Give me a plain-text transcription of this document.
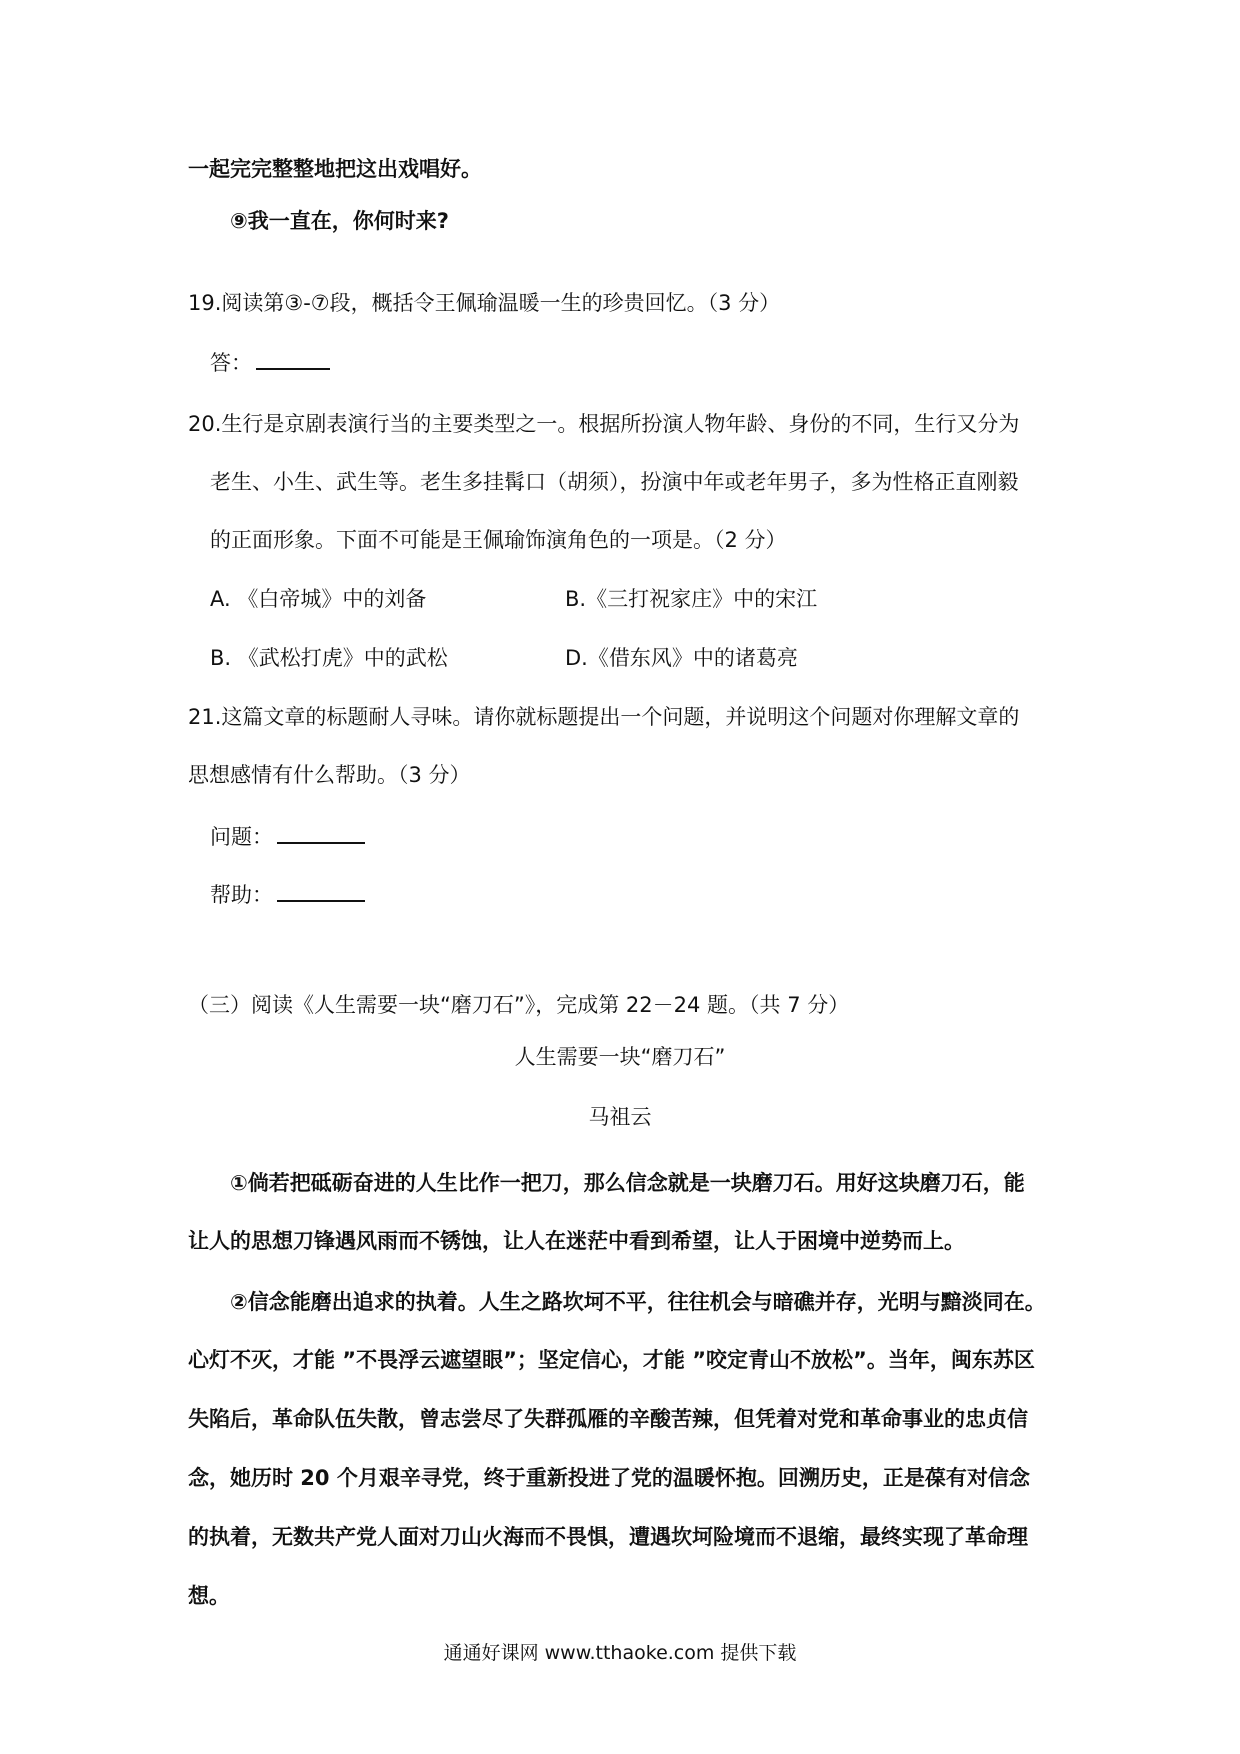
一起完完整整地把这出戏唱好。
⑨我一直在，你何时来?
19.阅读第③-⑦段，概括令王佩瑜温暖一生的珍贵回忆。（3 分）
答：
20.生行是京剧表演行当的主要类型之一。根据所扮演人物年龄、身份的不同，生行又分为
老生、小生、武生等。老生多挂髯口（胡须），扮演中年或老年男子，多为性格正直刚毅
的正面形象。下面不可能是王佩瑜饰演角色的一项是。（2 分）
A. 《白帝城》中的刘备	B.《三打祝家庄》中的宋江
B. 《武松打虎》中的武松	D.《借东风》中的诸葛亮
21.这篇文章的标题耐人寻味。请你就标题提出一个问题，并说明这个问题对你理解文章的
思想感情有什么帮助。（3 分）
问题：
帮助：
（三）阅读《人生需要一块“磨刀石”》，完成第 22－24 题。（共 7 分）
人生需要一块“磨刀石”
马祖云
①倘若把砥砺奋进的人生比作一把刀，那么信念就是一块磨刀石。用好这块磨刀石，能
让人的思想刀锋遇风雨而不锈蚀，让人在迷茫中看到希望，让人于困境中逆势而上。
②信念能磨出追求的执着。人生之路坎坷不平，往往机会与暗礁并存，光明与黯淡同在。
心灯不灭，才能 ”不畏浮云遮望眼”；坚定信心，才能 ”咬定青山不放松”。当年，闽东苏区
失陷后，革命队伍失散，曾志尝尽了失群孤雁的辛酸苦辣，但凭着对党和革命事业的忠贞信
念，她历时 20 个月艰辛寻党，终于重新投进了党的温暖怀抱。回溯历史，正是葆有对信念
的执着，无数共产党人面对刀山火海而不畏惧，遭遇坎坷险境而不退缩，最终实现了革命理
想。
通通好课网 www.tthaoke.com 提供下载
